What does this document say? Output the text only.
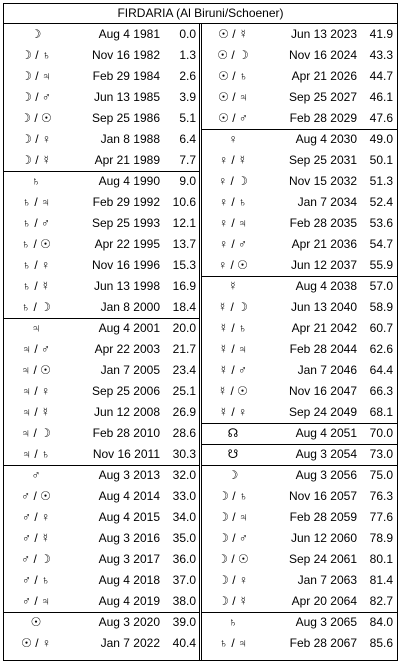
FIRDARIA (Al Biruni/Schoener)
☽	Aug 4 1981	0.0
☽ / ♄	Nov 16 1982	1.3
☽ / ♃	Feb 29 1984	2.6
☽ / ♂	Jun 13 1985	3.9
☽ / ☉	Sep 25 1986	5.1
☽ / ♀	Jan 8 1988	6.4
☽ / ☿	Apr 21 1989	7.7
♄	Aug 4 1990	9.0
♄ / ♃	Feb 29 1992	10.6
♄ / ♂	Sep 25 1993	12.1
♄ / ☉	Apr 22 1995	13.7
♄ / ♀	Nov 16 1996	15.3
♄ / ☿	Jun 13 1998	16.9
♄ / ☽	Jan 8 2000	18.4
♃	Aug 4 2001	20.0
♃ / ♂	Apr 22 2003	21.7
♃ / ☉	Jan 7 2005	23.4
♃ / ♀	Sep 25 2006	25.1
♃ / ☿	Jun 12 2008	26.9
♃ / ☽	Feb 28 2010	28.6
♃ / ♄	Nov 16 2011	30.3
♂	Aug 3 2013	32.0
♂ / ☉	Aug 4 2014	33.0
♂ / ♀	Aug 4 2015	34.0
♂ / ☿	Aug 3 2016	35.0
♂ / ☽	Aug 3 2017	36.0
♂ / ♄	Aug 4 2018	37.0
♂ / ♃	Aug 4 2019	38.0
☉	Aug 3 2020	39.0
☉ / ♀	Jan 7 2022	40.4
☉ / ☿	Jun 13 2023	41.9
☉ / ☽	Nov 16 2024	43.3
☉ / ♄	Apr 21 2026	44.7
☉ / ♃	Sep 25 2027	46.1
☉ / ♂	Feb 28 2029	47.6
♀	Aug 4 2030	49.0
♀ / ☿	Sep 25 2031	50.1
♀ / ☽	Nov 15 2032	51.3
♀ / ♄	Jan 7 2034	52.4
♀ / ♃	Feb 28 2035	53.6
♀ / ♂	Apr 21 2036	54.7
♀ / ☉	Jun 12 2037	55.9
☿	Aug 4 2038	57.0
☿ / ☽	Jun 13 2040	58.9
☿ / ♄	Apr 21 2042	60.7
☿ / ♃	Feb 28 2044	62.6
☿ / ♂	Jan 7 2046	64.4
☿ / ☉	Nov 16 2047	66.3
☿ / ♀	Sep 24 2049	68.1
☊	Aug 4 2051	70.0
☋	Aug 3 2054	73.0
☽	Aug 3 2056	75.0
☽ / ♄	Nov 16 2057	76.3
☽ / ♃	Feb 28 2059	77.6
☽ / ♂	Jun 12 2060	78.9
☽ / ☉	Sep 24 2061	80.1
☽ / ♀	Jan 7 2063	81.4
☽ / ☿	Apr 20 2064	82.7
♄	Aug 3 2065	84.0
♄ / ♃	Feb 28 2067	85.6
